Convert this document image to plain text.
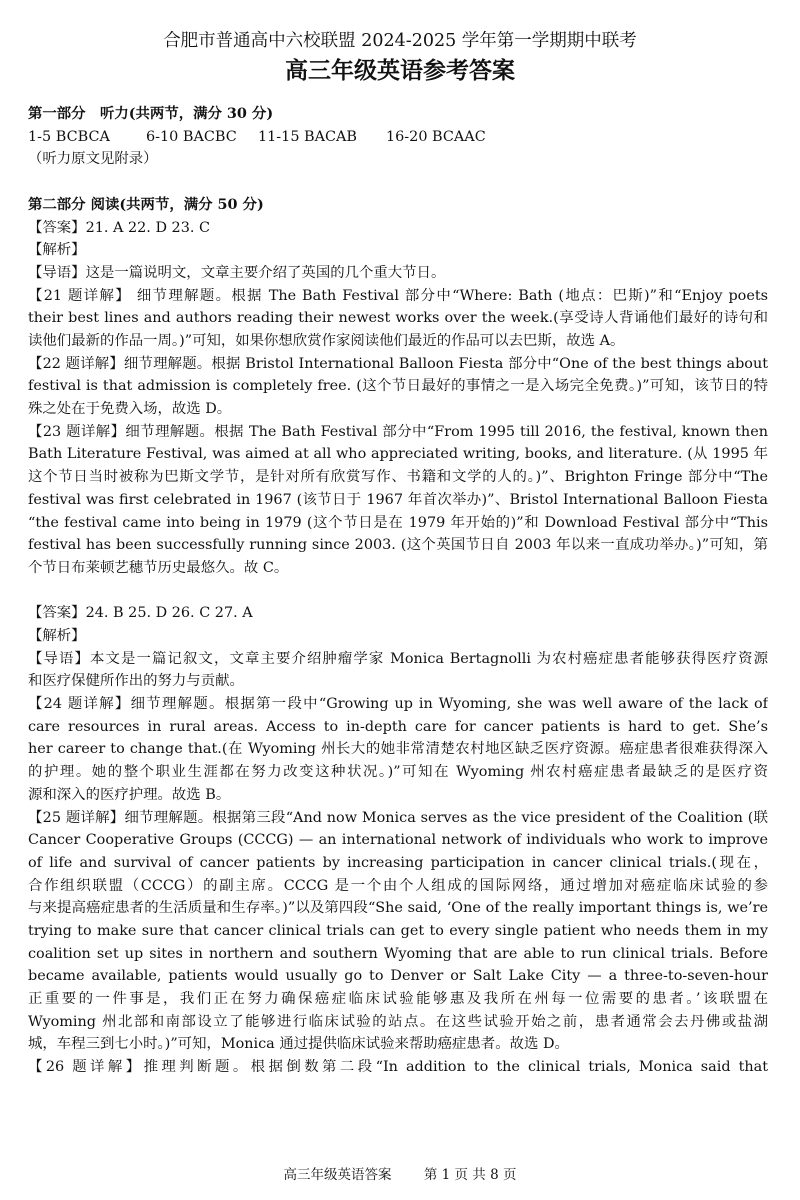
合肥市普通高中六校联盟 2024-2025 学年第一学期期中联考
高三年级英语参考答案
第一部分　听力(共两节，满分 30 分)
1-5 BCBCA	6-10 BACBC 11-15 BACAB 16-20 BCAAC
（听力原文见附录）
第二部分 阅读(共两节，满分 50 分)
【答案】21. A 22. D 23. C
【解析】
【导语】这是一篇说明文，文章主要介绍了英国的几个重大节日。
【21 题详解】 细节理解题。根据 The Bath Festival 部分中“Where: Bath (地点：巴斯)”和“Enjoy poets
their best lines and authors reading their newest works over the week.(享受诗人背诵他们最好的诗句和
读他们最新的作品一周。)”可知，如果你想欣赏作家阅读他们最近的作品可以去巴斯，故选 A。
【22 题详解】细节理解题。根据 Bristol International Balloon Fiesta 部分中“One of the best things about
festival is that admission is completely free. (这个节日最好的事情之一是入场完全免费。)”可知，该节日的特
殊之处在于免费入场，故选 D。
【23 题详解】细节理解题。根据 The Bath Festival 部分中“From 1995 till 2016, the festival, known then
Bath Literature Festival, was aimed at all who appreciated writing, books, and literature. (从 1995 年
这个节日当时被称为巴斯文学节，是针对所有欣赏写作、书籍和文学的人的。)”、Brighton Fringe 部分中“The
festival was first celebrated in 1967 (该节日于 1967 年首次举办)”、Bristol International Balloon Fiesta
“the festival came into being in 1979 (这个节日是在 1979 年开始的)”和 Download Festival 部分中“This
festival has been successfully running since 2003. (这个英国节日自 2003 年以来一直成功举办。)”可知，第
个节日布莱顿艺穗节历史最悠久。故 C。
【答案】24. B 25. D 26. C 27. A
【解析】
【导语】本文是一篇记叙文，文章主要介绍肿瘤学家 Monica Bertagnolli 为农村癌症患者能够获得医疗资源
和医疗保健所作出的努力与贡献。
【24 题详解】细节理解题。根据第一段中“Growing up in Wyoming, she was well aware of the lack of
care resources in rural areas. Access to in-depth care for cancer patients is hard to get. She’s
her career to change that.(在 Wyoming 州长大的她非常清楚农村地区缺乏医疗资源。癌症患者很难获得深入
的护理。她的整个职业生涯都在努力改变这种状况。)”可知在 Wyoming 州农村癌症患者最缺乏的是医疗资
源和深入的医疗护理。故选 B。
【25 题详解】细节理解题。根据第三段“And now Monica serves as the vice president of the Coalition (联
Cancer Cooperative Groups (CCCG) — an international network of individuals who work to improve
of life and survival of cancer patients by increasing participation in cancer clinical trials.(现在，
合作组织联盟（CCCG）的副主席。CCCG 是一个由个人组成的国际网络，通过增加对癌症临床试验的参
与来提高癌症患者的生活质量和生存率。)”以及第四段“She said, ‘One of the really important things is, we’re
trying to make sure that cancer clinical trials can get to every single patient who needs them in my
coalition set up sites in northern and southern Wyoming that are able to run clinical trials. Before
became available, patients would usually go to Denver or Salt Lake City — a three-to-seven-hour
正重要的一件事是，我们正在努力确保癌症临床试验能够惠及我所在州每一位需要的患者。’该联盟在
Wyoming 州北部和南部设立了能够进行临床试验的站点。在这些试验开始之前，患者通常会去丹佛或盐湖
城，车程三到七小时。)”可知，Monica 通过提供临床试验来帮助癌症患者。故选 D。
【26 题详解】推理判断题。根据倒数第二段“In addition to the clinical trials, Monica said that
高三年级英语答案 第 1 页 共 8 页
